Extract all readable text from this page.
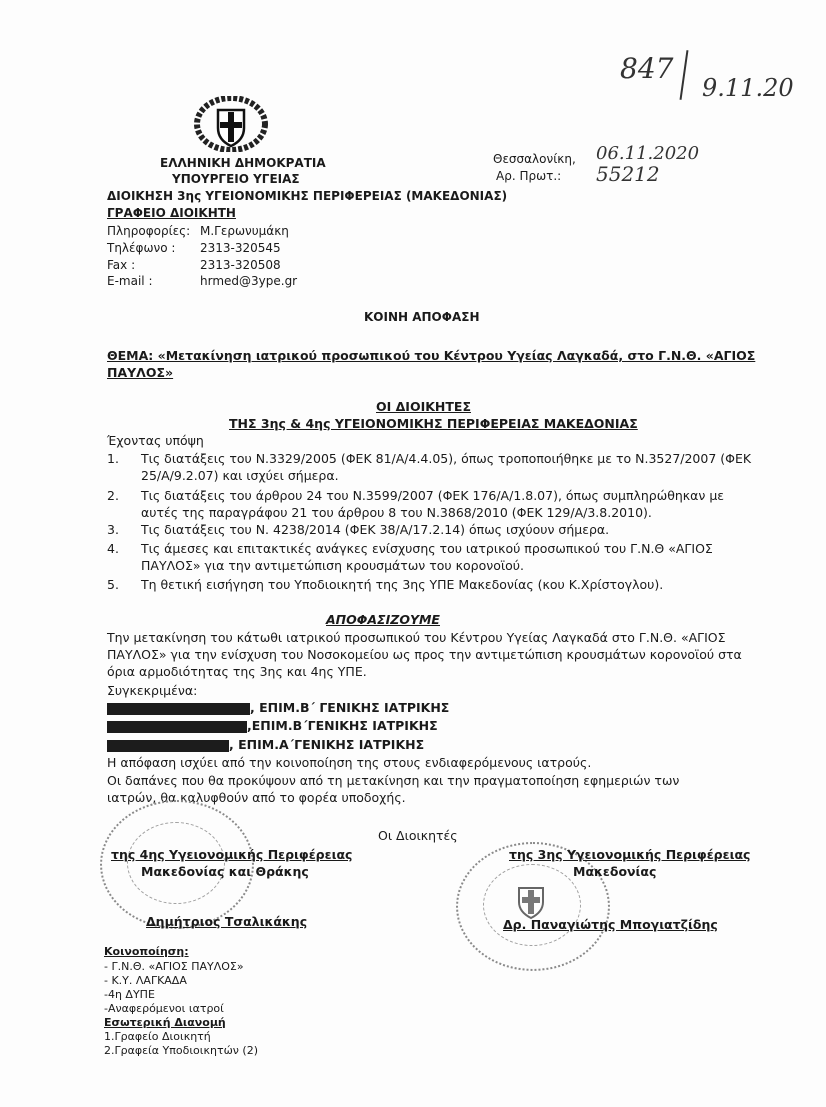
847
9.11.20
ΕΛΛΗΝΙΚΗ ΔΗΜΟΚΡΑΤΙΑ
ΥΠΟΥΡΓΕΙΟ ΥΓΕΙΑΣ
ΔΙΟΙΚΗΣΗ 3ης ΥΓΕΙΟΝΟΜΙΚΗΣ ΠΕΡΙΦΕΡΕΙΑΣ (ΜΑΚΕΔΟΝΙΑΣ)
ΓΡΑΦΕΙΟ ΔΙΟΙΚΗΤΗ
Πληροφορίες: Μ.Γερωνυμάκη
Τηλέφωνο : 2313-320545
Fax :	2313-320508
E-mail :	hrmed@3ype.gr
Θεσσαλονίκη, 06.11.2020
Αρ. Πρωτ.: 55212
ΚΟΙΝΗ ΑΠΟΦΑΣΗ
ΘΕΜΑ: «Μετακίνηση ιατρικού προσωπικού του Κέντρου Υγείας Λαγκαδά, στο Γ.Ν.Θ. «ΑΓΙΟΣ
ΠΑΥΛΟΣ»
ΟΙ ΔΙΟΙΚΗΤΕΣ
ΤΗΣ 3ης & 4ης ΥΓΕΙΟΝΟΜΙΚΗΣ ΠΕΡΙΦΕΡΕΙΑΣ ΜΑΚΕΔΟΝΙΑΣ
Έχοντας υπόψη
1. Τις διατάξεις του Ν.3329/2005 (ΦΕΚ 81/Α/4.4.05), όπως τροποποιήθηκε με το Ν.3527/2007 (ΦΕΚ
25/Α/9.2.07) και ισχύει σήμερα.
2. Τις διατάξεις του άρθρου 24 του Ν.3599/2007 (ΦΕΚ 176/Α/1.8.07), όπως συμπληρώθηκαν με
αυτές της παραγράφου 21 του άρθρου 8 του Ν.3868/2010 (ΦΕΚ 129/Α/3.8.2010).
3. Τις διατάξεις του Ν. 4238/2014 (ΦΕΚ 38/Α/17.2.14) όπως ισχύουν σήμερα.
4. Τις άμεσες και επιτακτικές ανάγκες ενίσχυσης του ιατρικού προσωπικού του Γ.Ν.Θ «ΑΓΙΟΣ
ΠΑΥΛΟΣ» για την αντιμετώπιση κρουσμάτων του κορονοϊού.
5. Τη θετική εισήγηση του Υποδιοικητή της 3ης ΥΠΕ Μακεδονίας (κου Κ.Χρίστογλου).
ΑΠΟΦΑΣΙΖΟΥΜΕ
Την μετακίνηση του κάτωθι ιατρικού προσωπικού του Κέντρου Υγείας Λαγκαδά στο Γ.Ν.Θ. «ΑΓΙΟΣ
ΠΑΥΛΟΣ» για την ενίσχυση του Νοσοκομείου ως προς την αντιμετώπιση κρουσμάτων κορονοϊού στα
όρια αρμοδιότητας της 3ης και 4ης ΥΠΕ.
Συγκεκριμένα:
, ΕΠΙΜ.Β΄ ΓΕΝΙΚΗΣ ΙΑΤΡΙΚΗΣ
,ΕΠΙΜ.Β΄ΓΕΝΙΚΗΣ ΙΑΤΡΙΚΗΣ
, ΕΠΙΜ.Α΄ΓΕΝΙΚΗΣ ΙΑΤΡΙΚΗΣ
Η απόφαση ισχύει από την κοινοποίηση της στους ενδιαφερόμενους ιατρούς.
Οι δαπάνες που θα προκύψουν από τη μετακίνηση και την πραγματοποίηση εφημεριών των
ιατρών, θα καλυφθούν από το φορέα υποδοχής.
Οι Διοικητές
της 4ης Υγειονομικής Περιφέρειας
Μακεδονίας και Θράκης
Δημήτριος Τσαλικάκης
της 3ης Υγειονομικής Περιφέρειας
Μακεδονίας
Δρ. Παναγιώτης Μπογιατζίδης
Κοινοποίηση:
- Γ.Ν.Θ. «ΑΓΙΟΣ ΠΑΥΛΟΣ»
- Κ.Υ. ΛΑΓΚΑΔΑ
-4η ΔΥΠΕ
-Αναφερόμενοι ιατροί
Εσωτερική Διανομή
1.Γραφείο Διοικητή
2.Γραφεία Υποδιοικητών (2)
